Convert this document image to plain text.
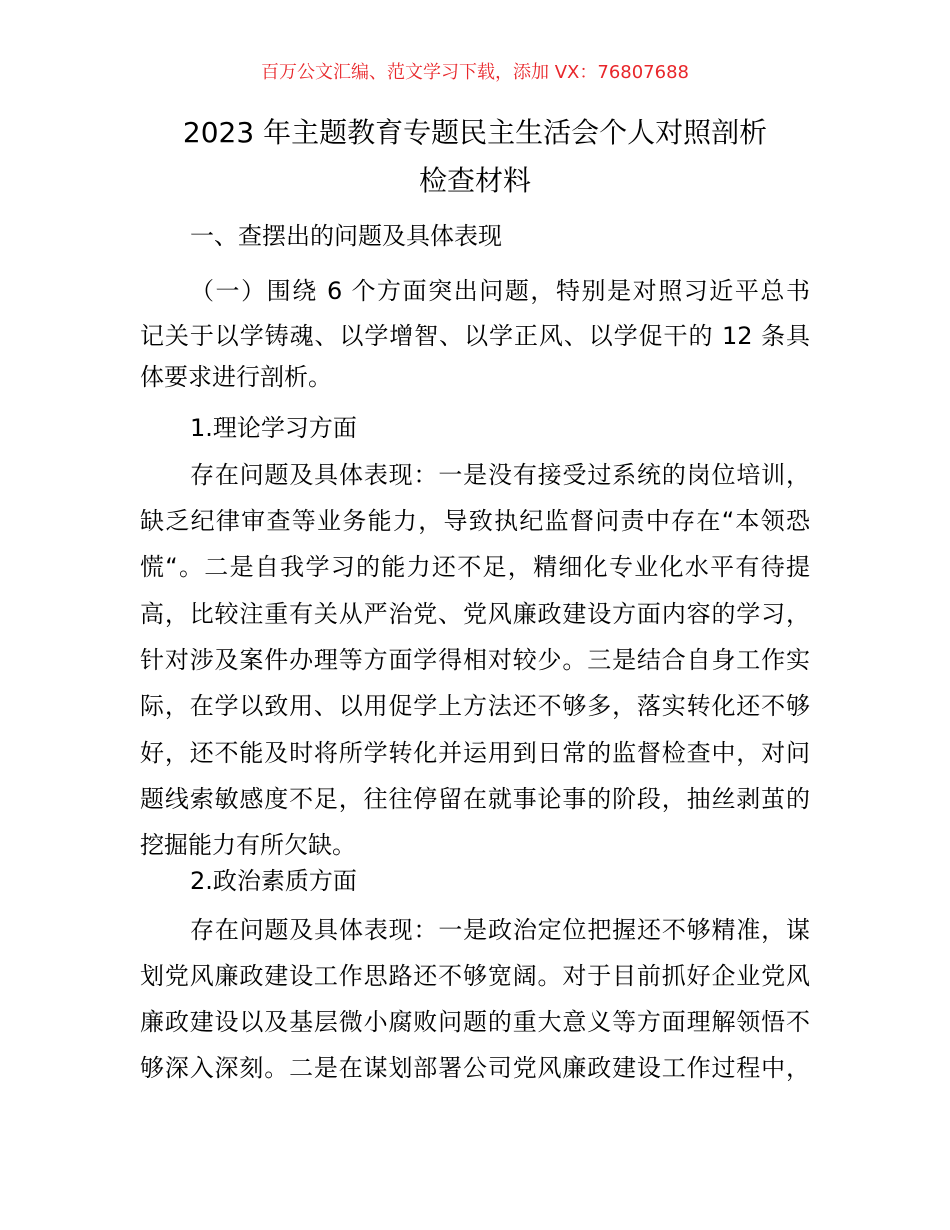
百万公文汇编、范文学习下载，添加 VX：76807688
2023 年主题教育专题民主生活会个人对照剖析
检查材料
一、查摆出的问题及具体表现
（一）围绕 6 个方面突出问题，特别是对照习近平总书
记关于以学铸魂、以学增智、以学正风、以学促干的 12 条具
体要求进行剖析。
1.理论学习方面
存在问题及具体表现：一是没有接受过系统的岗位培训，
缺乏纪律审查等业务能力，导致执纪监督问责中存在“本领恐
慌“。二是自我学习的能力还不足，精细化专业化水平有待提
高，比较注重有关从严治党、党风廉政建设方面内容的学习，
针对涉及案件办理等方面学得相对较少。三是结合自身工作实
际，在学以致用、以用促学上方法还不够多，落实转化还不够
好，还不能及时将所学转化并运用到日常的监督检查中，对问
题线索敏感度不足，往往停留在就事论事的阶段，抽丝剥茧的
挖掘能力有所欠缺。
2.政治素质方面
存在问题及具体表现：一是政治定位把握还不够精准，谋
划党风廉政建设工作思路还不够宽阔。对于目前抓好企业党风
廉政建设以及基层微小腐败问题的重大意义等方面理解领悟不
够深入深刻。二是在谋划部署公司党风廉政建设工作过程中，
